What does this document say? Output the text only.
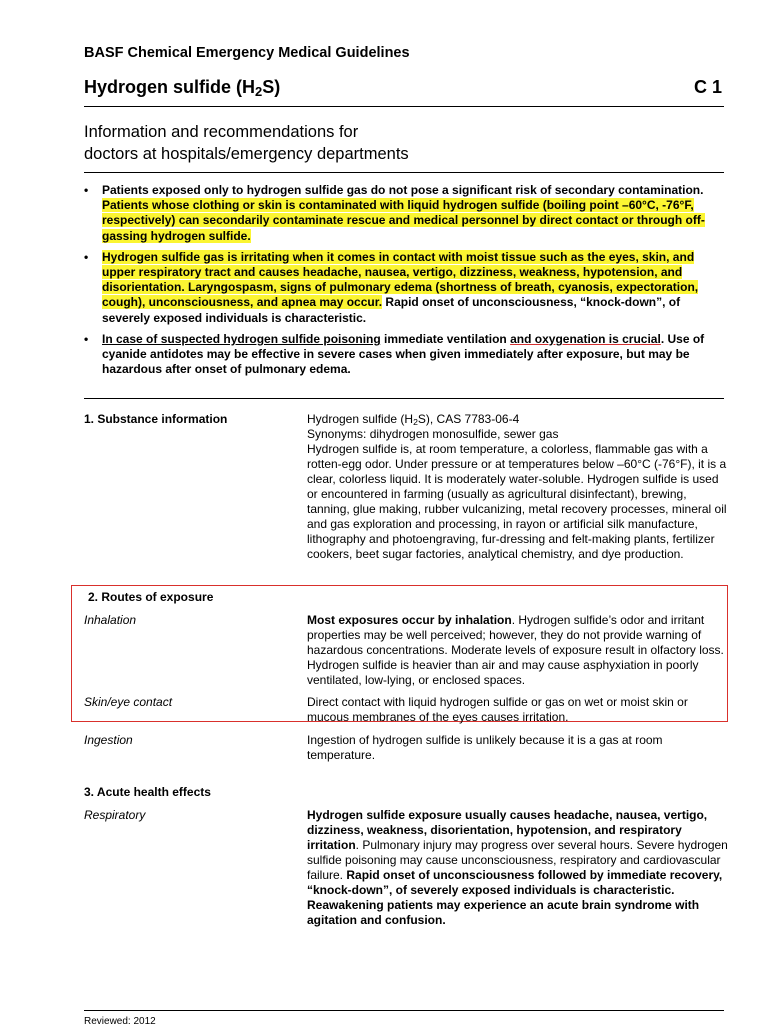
BASF Chemical Emergency Medical Guidelines
Hydrogen sulfide $(H_2S)$	C 1
Information and recommendations for
doctors at hospitals/emergency departments
• Patients exposed only to hydrogen sulfide gas do not pose a significant risk of secondary contamination. Patients whose clothing or skin is contaminated with liquid hydrogen sulfide (boiling point –60°C, -76°F, respectively) can secondarily contaminate rescue and medical personnel by direct contact or through off-gassing hydrogen sulfide.
• Hydrogen sulfide gas is irritating when it comes in contact with moist tissue such as the eyes, skin, and upper respiratory tract and causes headache, nausea, vertigo, dizziness, weakness, hypotension, and disorientation. Laryngospasm, signs of pulmonary edema (shortness of breath, cyanosis, expectoration, cough), unconsciousness, and apnea may occur. Rapid onset of unconsciousness, “knock-down”, of severely exposed individuals is characteristic.
• In case of suspected hydrogen sulfide poisoning immediate ventilation and oxygenation is crucial. Use of cyanide antidotes may be effective in severe cases when given immediately after exposure, but may be hazardous after onset of pulmonary edema.
1. Substance information	Hydrogen sulfide $(H_2S)$, CAS 7783-06-4
Synonyms: dihydrogen monosulfide, sewer gas
Hydrogen sulfide is, at room temperature, a colorless, flammable gas with a rotten-egg odor. Under pressure or at temperatures below –60°C (-76°F), it is a clear, colorless liquid. It is moderately water-soluble. Hydrogen sulfide is used or encountered in farming (usually as agricultural disinfectant), brewing, tanning, glue making, rubber vulcanizing, metal recovery processes, mineral oil and gas exploration and processing, in rayon or artificial silk manufacture, lithography and photoengraving, fur-dressing and felt-making plants, fertilizer cookers, beet sugar factories, analytical chemistry, and dye production.
2. Routes of exposure
Inhalation	Most exposures occur by inhalation. Hydrogen sulfide’s odor and irritant properties may be well perceived; however, they do not provide warning of hazardous concentrations. Moderate levels of exposure result in olfactory loss. Hydrogen sulfide is heavier than air and may cause asphyxiation in poorly ventilated, low-lying, or enclosed spaces.
Skin/eye contact	Direct contact with liquid hydrogen sulfide or gas on wet or moist skin or mucous membranes of the eyes causes irritation.
Ingestion	Ingestion of hydrogen sulfide is unlikely because it is a gas at room temperature.
3. Acute health effects
Respiratory	Hydrogen sulfide exposure usually causes headache, nausea, vertigo, dizziness, weakness, disorientation, hypotension, and respiratory irritation. Pulmonary injury may progress over several hours. Severe hydrogen sulfide poisoning may cause unconsciousness, respiratory and cardiovascular failure. Rapid onset of unconsciousness followed by immediate recovery, “knock-down”, of severely exposed individuals is characteristic. Reawakening patients may experience an acute brain syndrome with agitation and confusion.
Reviewed: 2012
